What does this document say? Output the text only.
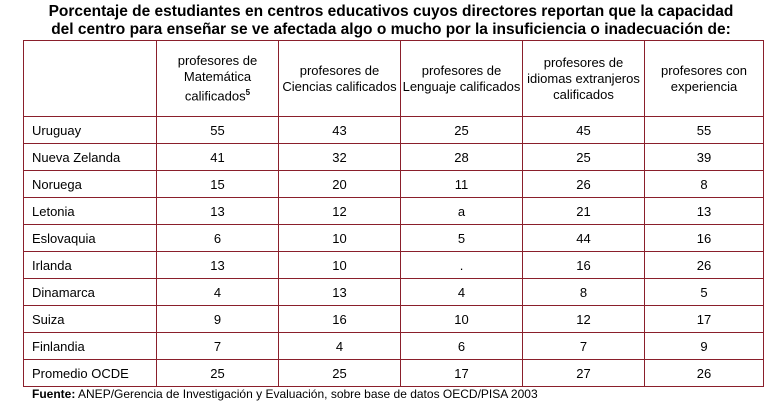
Porcentaje de estudiantes en centros educativos cuyos directores reportan que la capacidad
del centro para enseñar se ve afectada algo o mucho por la insuficiencia o inadecuación de:
	profesores de Matemática calificados$^5$	profesores de Ciencias calificados	profesores de Lenguaje calificados	profesores de idiomas extranjeros calificados	profesores con experiencia
Uruguay	55	43	25	45	55
Nueva Zelanda	41	32	28	25	39
Noruega	15	20	11	26	8
Letonia	13	12	a	21	13
Eslovaquia	6	10	5	44	16
Irlanda	13	10	.	16	26
Dinamarca	4	13	4	8	5
Suiza	9	16	10	12	17
Finlandia	7	4	6	7	9
Promedio OCDE	25	25	17	27	26
Fuente: ANEP/Gerencia de Investigación y Evaluación, sobre base de datos OECD/PISA 2003
